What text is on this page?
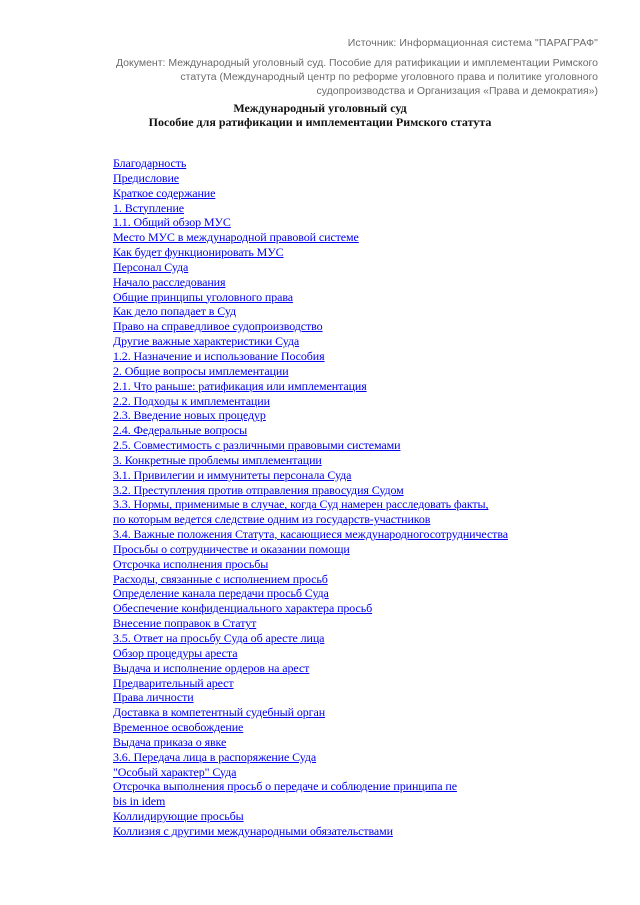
Источник: Информационная система "ПАРАГРАФ"
Документ: Международный уголовный суд. Пособие для ратификации и имплементации Римского
статута (Международный центр по реформе уголовного права и политике уголовного
судопроизводства и Организация «Права и демократия»)
Международный уголовный суд
Пособие для ратификации и имплементации Римского статута
Благодарность
Предисловие
Краткое содержание
1. Вступление
1.1. Общий обзор МУС
Место МУС в международной правовой системе
Как будет функционировать МУС
Персонал Суда
Начало расследования
Общие принципы уголовного права
Как дело попадает в Суд
Право на справедливое судопроизводство
Другие важные характеристики Суда
1.2. Назначение и использование Пособия
2. Общие вопросы имплементации
2.1. Что раньше: ратификация или имплементация
2.2. Подходы к имплементации
2.3. Введение новых процедур
2.4. Федеральные вопросы
2.5. Совместимость с различными правовыми системами
3. Конкретные проблемы имплементации
3.1. Привилегии и иммунитеты персонала Суда
3.2. Преступления против отправления правосудия Судом
3.3. Нормы, применимые в случае, когда Суд намерен расследовать факты,
по которым ведется следствие одним из государств-участников
3.4. Важные положения Статута, касающиеся международногосотрудничества
Просьбы о сотрудничестве и оказании помощи
Отсрочка исполнения просьбы
Расходы, связанные с исполнением просьб
Определение канала передачи просьб Суда
Обеспечение конфиденциального характера просьб
Внесение поправок в Статут
3.5. Ответ на просьбу Суда об аресте лица
Обзор процедуры ареста
Выдача и исполнение ордеров на арест
Предварительный арест
Права личности
Доставка в компетентный судебный орган
Временное освобождение
Выдача приказа о явке
3.6. Передача лица в распоряжение Суда
"Особый характер" Суда
Отсрочка выполнения просьб о передаче и соблюдение принципа пе
bis in idem
Коллидирующие просьбы
Коллизия с другими международными обязательствами
